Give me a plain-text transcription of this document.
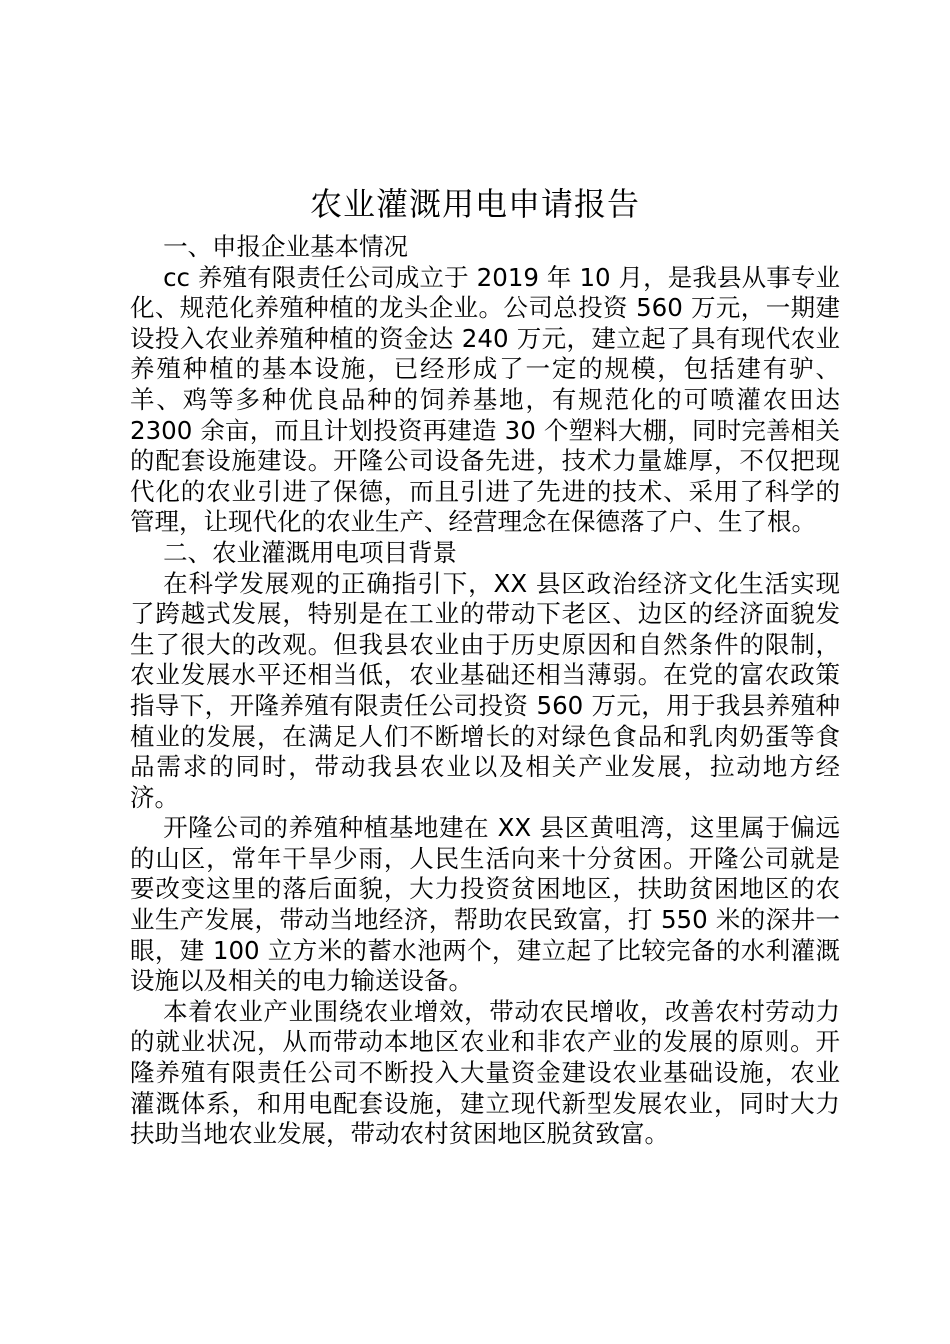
农业灌溉用电申请报告

一、申报企业基本情况

cc 养殖有限责任公司成立于 2019 年 10 月，是我县从事专业化、规范化养殖种植的龙头企业。公司总投资 560 万元，一期建设投入农业养殖种植的资金达 240 万元，建立起了具有现代农业养殖种植的基本设施，已经形成了一定的规模，包括建有驴、羊、鸡等多种优良品种的饲养基地，有规范化的可喷灌农田达 2300 余亩，而且计划投资再建造 30 个塑料大棚，同时完善相关的配套设施建设。开隆公司设备先进，技术力量雄厚，不仅把现代化的农业引进了保德，而且引进了先进的技术、采用了科学的管理，让现代化的农业生产、经营理念在保德落了户、生了根。

二、农业灌溉用电项目背景

在科学发展观的正确指引下，XX 县区政治经济文化生活实现了跨越式发展，特别是在工业的带动下老区、边区的经济面貌发生了很大的改观。但我县农业由于历史原因和自然条件的限制，农业发展水平还相当低，农业基础还相当薄弱。在党的富农政策指导下，开隆养殖有限责任公司投资 560 万元，用于我县养殖种植业的发展，在满足人们不断增长的对绿色食品和乳肉奶蛋等食品需求的同时，带动我县农业以及相关产业发展，拉动地方经济。

开隆公司的养殖种植基地建在 XX 县区黄咀湾，这里属于偏远的山区，常年干旱少雨，人民生活向来十分贫困。开隆公司就是要改变这里的落后面貌，大力投资贫困地区，扶助贫困地区的农业生产发展，带动当地经济，帮助农民致富，打 550 米的深井一眼，建 100 立方米的蓄水池两个，建立起了比较完备的水利灌溉设施以及相关的电力输送设备。

本着农业产业围绕农业增效，带动农民增收，改善农村劳动力的就业状况，从而带动本地区农业和非农产业的发展的原则。开隆养殖有限责任公司不断投入大量资金建设农业基础设施，农业灌溉体系，和用电配套设施，建立现代新型发展农业，同时大力扶助当地农业发展，带动农村贫困地区脱贫致富。
